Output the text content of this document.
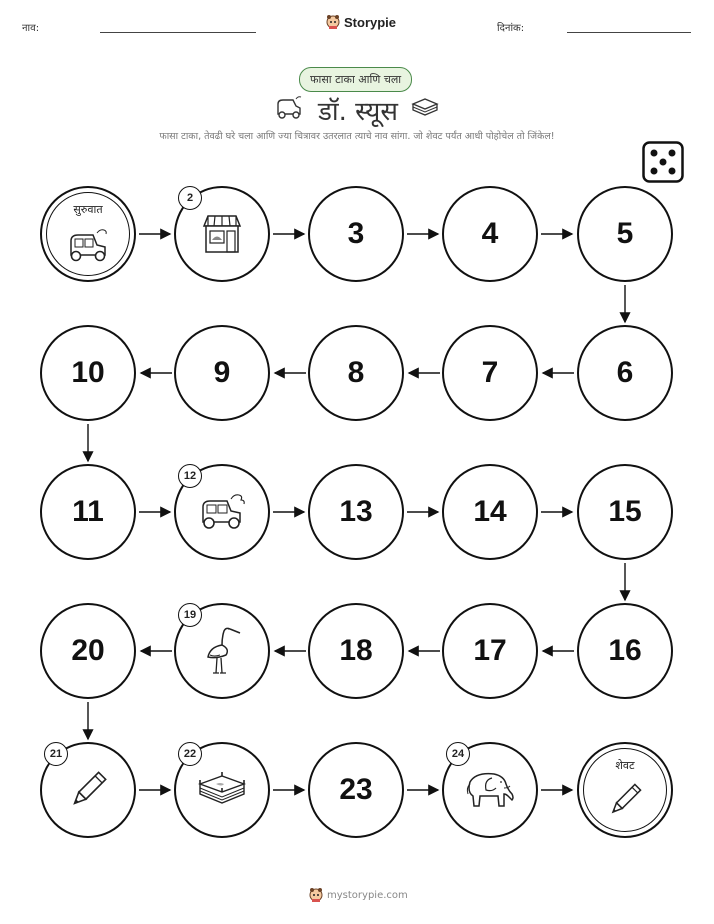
नाव:	Storypie	दिनांक:
फासा टाका आणि चला
डॉ. स्यूस
फासा टाका, तेवढी घरे चला आणि ज्या चित्रावर उतरलात त्याचे नाव सांगा. जो शेवट पर्यंत आधी पोहोचेल तो जिंकेल!
सुरुवात
2
3	4	5
6
7
8
9
10
11
12
13	14	15
16
17
18
19
20
21	22
23
24
शेवट
mystorypie.com
